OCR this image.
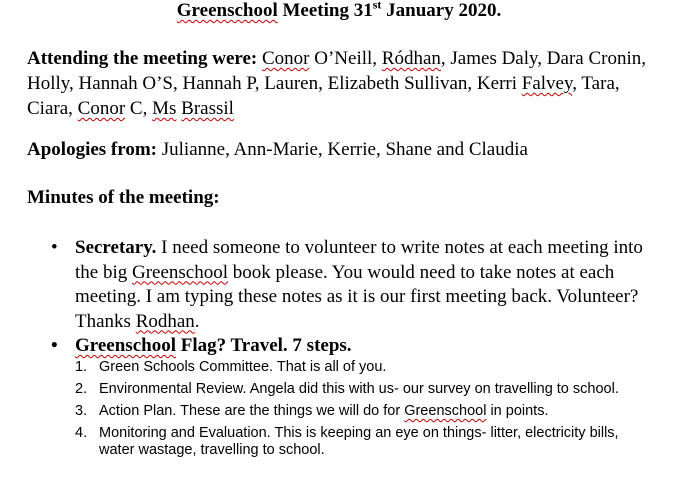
Greenschool Meeting 31st January 2020.
Attending the meeting were: Conor O’Neill, Ródhan, James Daly, Dara Cronin, Holly, Hannah O’S, Hannah P, Lauren, Elizabeth Sullivan, Kerri Falvey, Tara, Ciara, Conor C, Ms Brassil
Apologies from: Julianne, Ann-Marie, Kerrie, Shane and Claudia
Minutes of the meeting:
• Secretary. I need someone to volunteer to write notes at each meeting into the big Greenschool book please. You would need to take notes at each meeting. I am typing these notes as it is our first meeting back. Volunteer? Thanks Rodhan.
• Greenschool Flag? Travel. 7 steps.
1. Green Schools Committee. That is all of you.
2. Environmental Review. Angela did this with us- our survey on travelling to school.
3. Action Plan. These are the things we will do for Greenschool in points.
4. Monitoring and Evaluation. This is keeping an eye on things- litter, electricity bills, water wastage, travelling to school.
